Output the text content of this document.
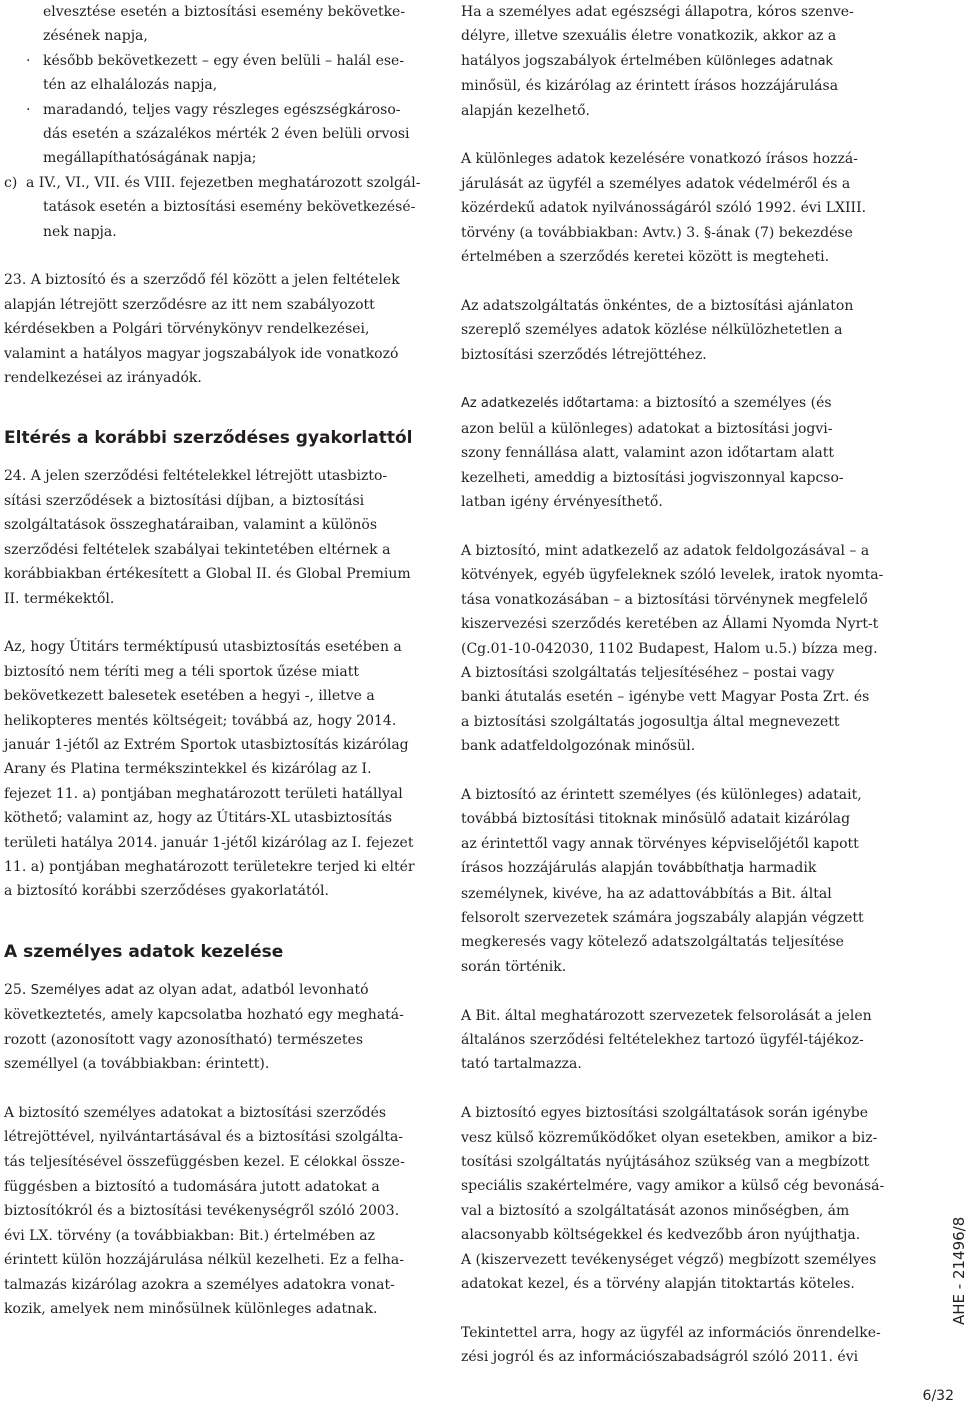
elvesztése esetén a biztosítási esemény bekövetke-

zésének napja,

· később bekövetkezett – egy éven belüli – halál ese-

tén az elhalálozás napja,

· maradandó, teljes vagy részleges egészségkároso-

dás esetén a százalékos mérték 2 éven belüli orvosi

megállapíthatóságának napja;

c) a IV., VI., VII. és VIII. fejezetben meghatározott szolgál-

tatások esetén a biztosítási esemény bekövetkezésé-

nek napja.

23. A biztosító és a szerződő fél között a jelen feltételek

alapján létrejött szerződésre az itt nem szabályozott

kérdésekben a Polgári törvénykönyv rendelkezései,

valamint a hatályos magyar jogszabályok ide vonatkozó

rendelkezései az irányadók.

Eltérés a korábbi szerződéses gyakorlattól

24. A jelen szerződési feltételekkel létrejött utasbizto-

sítási szerződések a biztosítási díjban, a biztosítási

szolgáltatások összeghatáraiban, valamint a különös

szerződési feltételek szabályai tekintetében eltérnek a

korábbiakban értékesített a Global II. és Global Premium

II. termékektől.

Az, hogy Útitárs terméktípusú utasbiztosítás esetében a

biztosító nem téríti meg a téli sportok űzése miatt

bekövetkezett balesetek esetében a hegyi -, illetve a

helikopteres mentés költségeit; továbbá az, hogy 2014.

január 1-jétől az Extrém Sportok utasbiztosítás kizárólag

Arany és Platina termékszintekkel és kizárólag az I.

fejezet 11. a) pontjában meghatározott területi hatállyal

köthető; valamint az, hogy az Útitárs-XL utasbiztosítás

területi hatálya 2014. január 1-jétől kizárólag az I. fejezet

11. a) pontjában meghatározott területekre terjed ki eltér

a biztosító korábbi szerződéses gyakorlatától.

A személyes adatok kezelése

25. Személyes adat az olyan adat, adatból levonható

következtetés, amely kapcsolatba hozható egy meghatá-

rozott (azonosított vagy azonosítható) természetes

személlyel (a továbbiakban: érintett).

A biztosító személyes adatokat a biztosítási szerződés

létrejöttével, nyilvántartásával és a biztosítási szolgálta-

tás teljesítésével összefüggésben kezel. E célokkal össze-

függésben a biztosító a tudomására jutott adatokat a

biztosítókról és a biztosítási tevékenységről szóló 2003.

évi LX. törvény (a továbbiakban: Bit.) értelmében az

érintett külön hozzájárulása nélkül kezelheti. Ez a felha-

talmazás kizárólag azokra a személyes adatokra vonat-

kozik, amelyek nem minősülnek különleges adatnak.

Ha a személyes adat egészségi állapotra, kóros szenve-

délyre, illetve szexuális életre vonatkozik, akkor az a

hatályos jogszabályok értelmében különleges adatnak

minősül, és kizárólag az érintett írásos hozzájárulása

alapján kezelhető.

A különleges adatok kezelésére vonatkozó írásos hozzá-

járulását az ügyfél a személyes adatok védelméről és a

közérdekű adatok nyilvánosságáról szóló 1992. évi LXIII.

törvény (a továbbiakban: Avtv.) 3. §-ának (7) bekezdése

értelmében a szerződés keretei között is megteheti.

Az adatszolgáltatás önkéntes, de a biztosítási ajánlaton

szereplő személyes adatok közlése nélkülözhetetlen a

biztosítási szerződés létrejöttéhez.

Az adatkezelés időtartama: a biztosító a személyes (és

azon belül a különleges) adatokat a biztosítási jogvi-

szony fennállása alatt, valamint azon időtartam alatt

kezelheti, ameddig a biztosítási jogviszonnyal kapcso-

latban igény érvényesíthető.

A biztosító, mint adatkezelő az adatok feldolgozásával – a

kötvények, egyéb ügyfeleknek szóló levelek, iratok nyomta-

tása vonatkozásában – a biztosítási törvénynek megfelelő

kiszervezési szerződés keretében az Állami Nyomda Nyrt-t

(Cg.01-10-042030, 1102 Budapest, Halom u.5.) bízza meg.

A biztosítási szolgáltatás teljesítéséhez – postai vagy

banki átutalás esetén – igénybe vett Magyar Posta Zrt. és

a biztosítási szolgáltatás jogosultja által megnevezett

bank adatfeldolgozónak minősül.

A biztosító az érintett személyes (és különleges) adatait,

továbbá biztosítási titoknak minősülő adatait kizárólag

az érintettől vagy annak törvényes képviselőjétől kapott

írásos hozzájárulás alapján továbbíthatja harmadik

személynek, kivéve, ha az adattovábbítás a Bit. által

felsorolt szervezetek számára jogszabály alapján végzett

megkeresés vagy kötelező adatszolgáltatás teljesítése

során történik.

A Bit. által meghatározott szervezetek felsorolását a jelen

általános szerződési feltételekhez tartozó ügyfél-tájékoz-

tató tartalmazza.

A biztosító egyes biztosítási szolgáltatások során igénybe

vesz külső közreműködőket olyan esetekben, amikor a biz-

tosítási szolgáltatás nyújtásához szükség van a megbízott

speciális szakértelmére, vagy amikor a külső cég bevonásá-

val a biztosító a szolgáltatását azonos minőségben, ám

alacsonyabb költségekkel és kedvezőbb áron nyújthatja.

A (kiszervezett tevékenységet végző) megbízott személyes

adatokat kezel, és a törvény alapján titoktartás köteles.

Tekintettel arra, hogy az ügyfél az információs önrendelke-

zési jogról és az információszabadságról szóló 2011. évi

AHE - 21496/8
6/32
